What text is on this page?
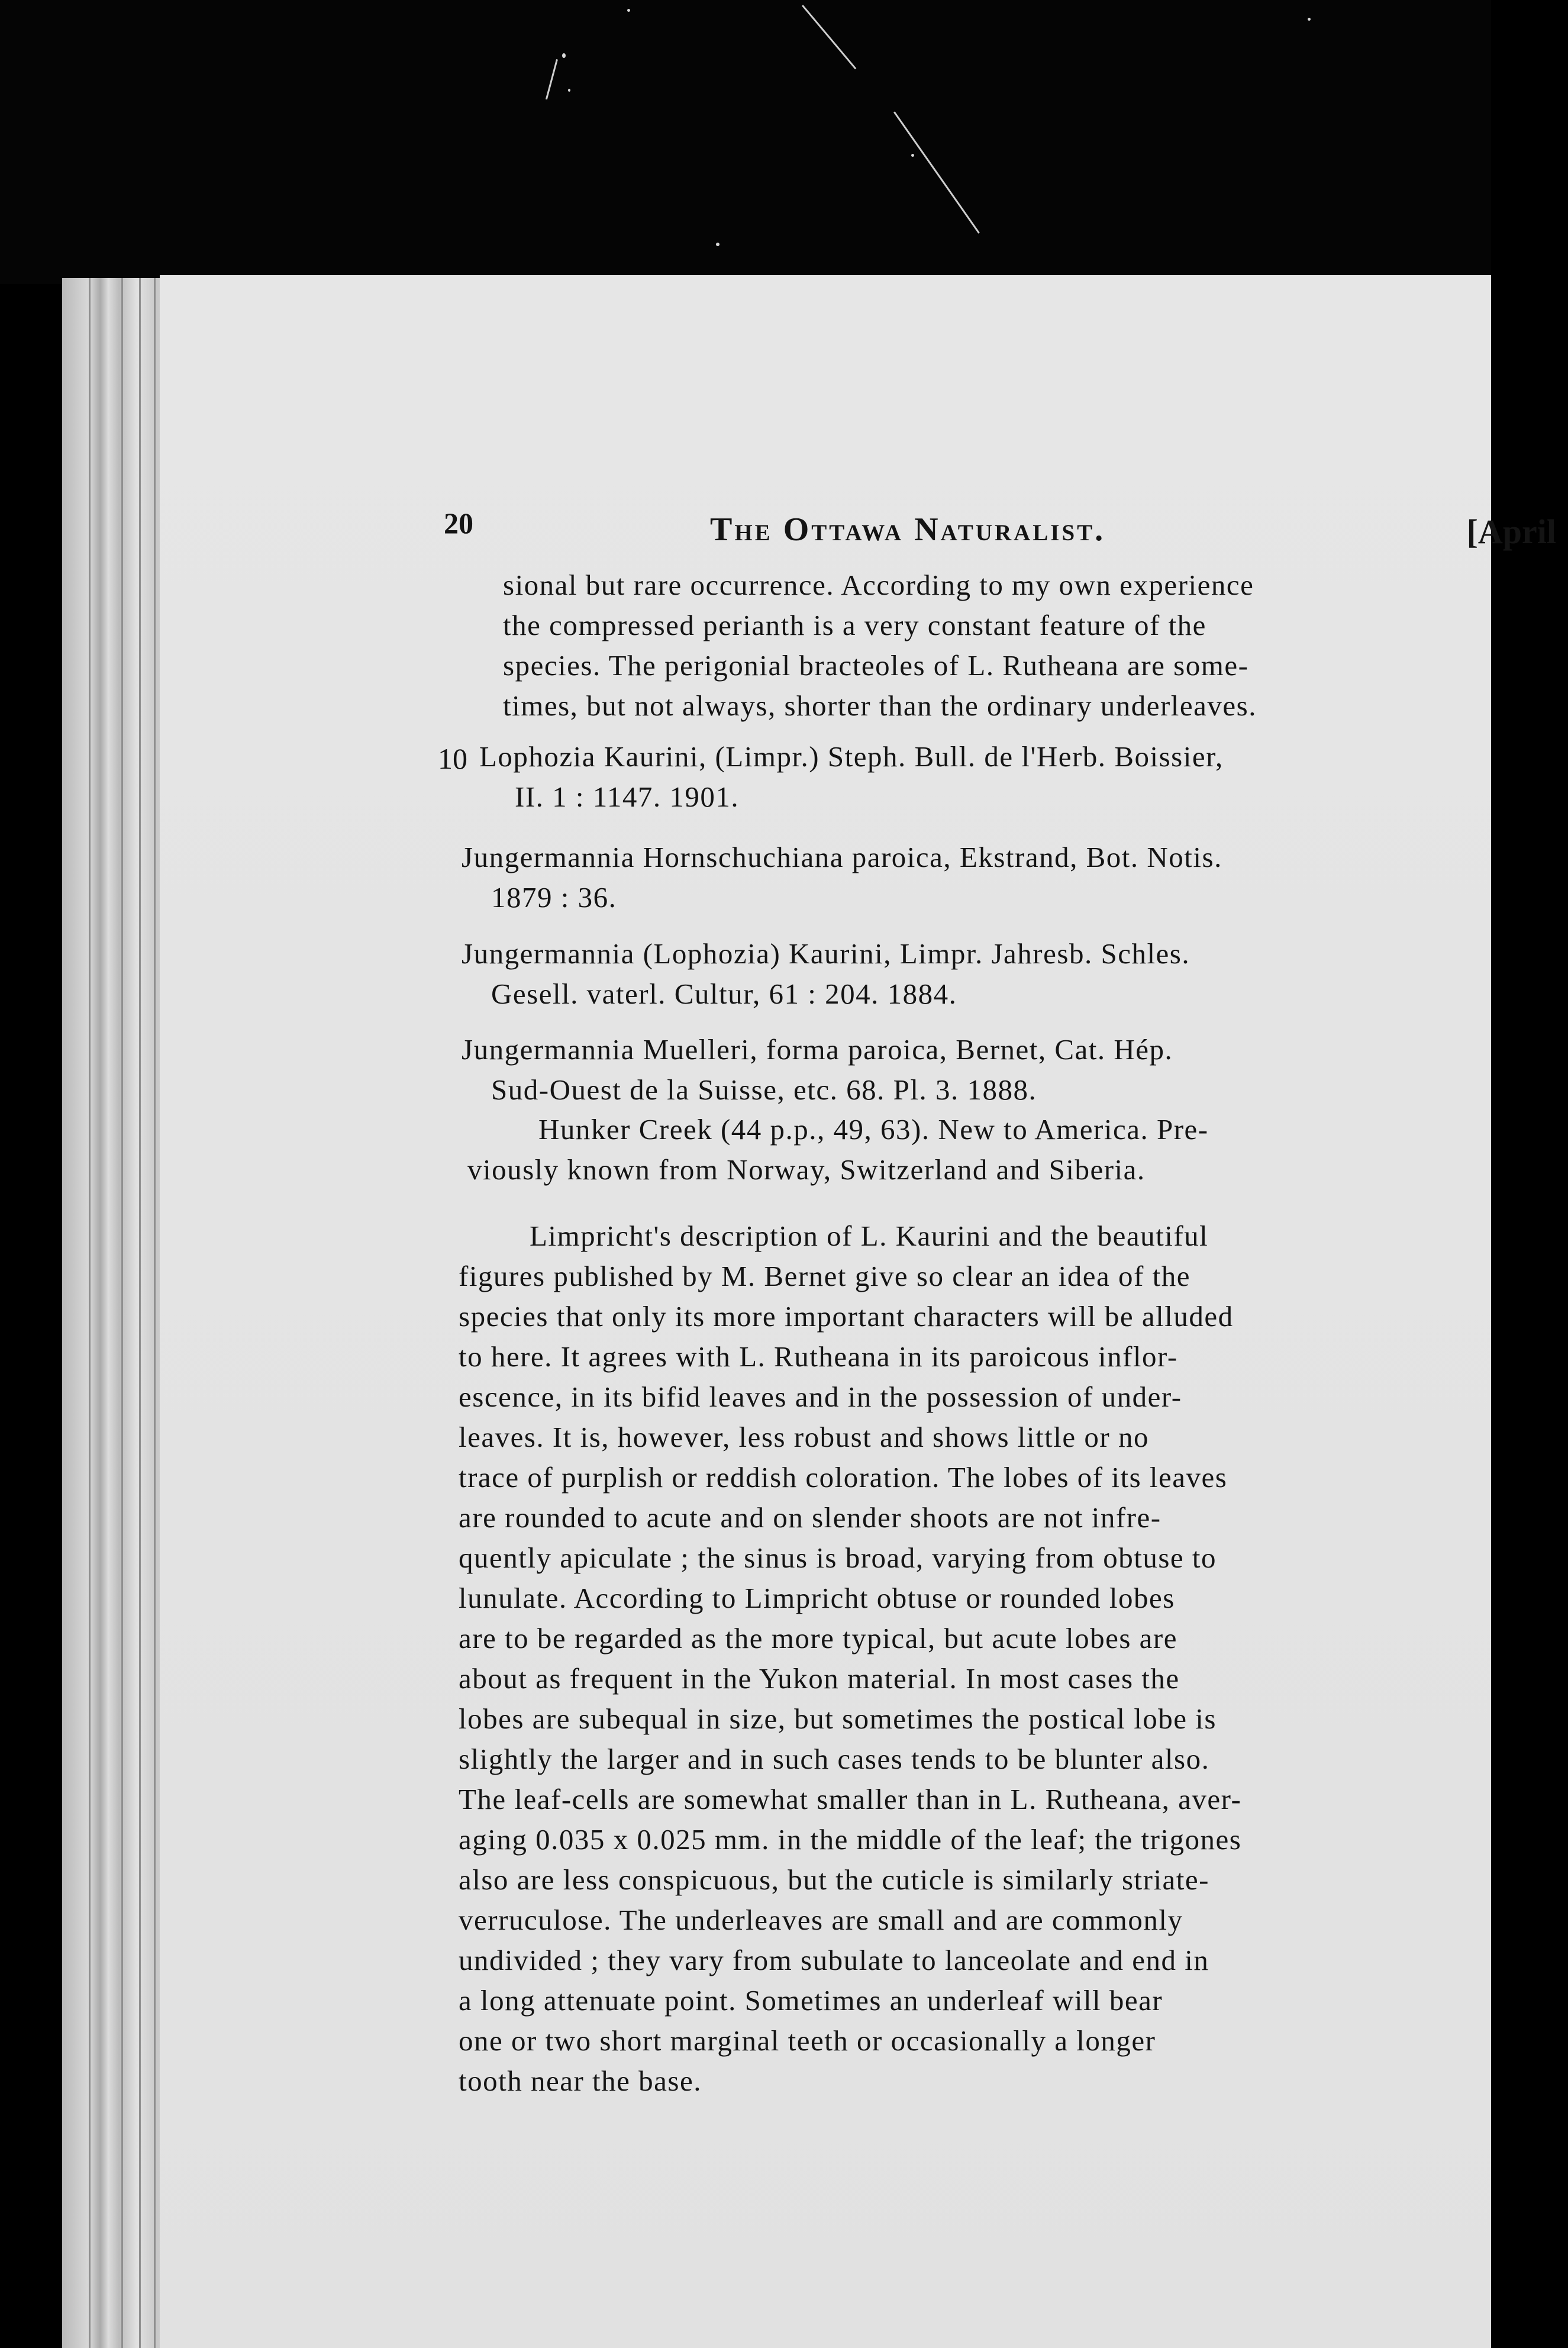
20	The Ottawa Naturalist.	[April
sional but rare occurrence. According to my own experience
the compressed perianth is a very constant feature of the
species. The perigonial bracteoles of L. Rutheana are some-
times, but not always, shorter than the ordinary underleaves.
10 Lophozia Kaurini, (Limpr.) Steph. Bull. de l'Herb. Boissier,
II. 1 : 1147. 1901.
Jungermannia Hornschuchiana paroica, Ekstrand, Bot. Notis.
1879 : 36.
Jungermannia (Lophozia) Kaurini, Limpr. Jahresb. Schles.
Gesell. vaterl. Cultur, 61 : 204. 1884.
Jungermannia Muelleri, forma paroica, Bernet, Cat. Hép.
Sud-Ouest de la Suisse, etc. 68. Pl. 3. 1888.
Hunker Creek (44 p.p., 49, 63). New to America. Pre-
viously known from Norway, Switzerland and Siberia.
Limpricht's description of L. Kaurini and the beautiful
figures published by M. Bernet give so clear an idea of the
species that only its more important characters will be alluded
to here. It agrees with L. Rutheana in its paroicous inflor-
escence, in its bifid leaves and in the possession of under-
leaves. It is, however, less robust and shows little or no
trace of purplish or reddish coloration. The lobes of its leaves
are rounded to acute and on slender shoots are not infre-
quently apiculate ; the sinus is broad, varying from obtuse to
lunulate. According to Limpricht obtuse or rounded lobes
are to be regarded as the more typical, but acute lobes are
about as frequent in the Yukon material. In most cases the
lobes are subequal in size, but sometimes the postical lobe is
slightly the larger and in such cases tends to be blunter also.
The leaf-cells are somewhat smaller than in L. Rutheana, aver-
aging 0.035 x 0.025 mm. in the middle of the leaf; the trigones
also are less conspicuous, but the cuticle is similarly striate-
verruculose. The underleaves are small and are commonly
undivided ; they vary from subulate to lanceolate and end in
a long attenuate point. Sometimes an underleaf will bear
one or two short marginal teeth or occasionally a longer
tooth near the base.
